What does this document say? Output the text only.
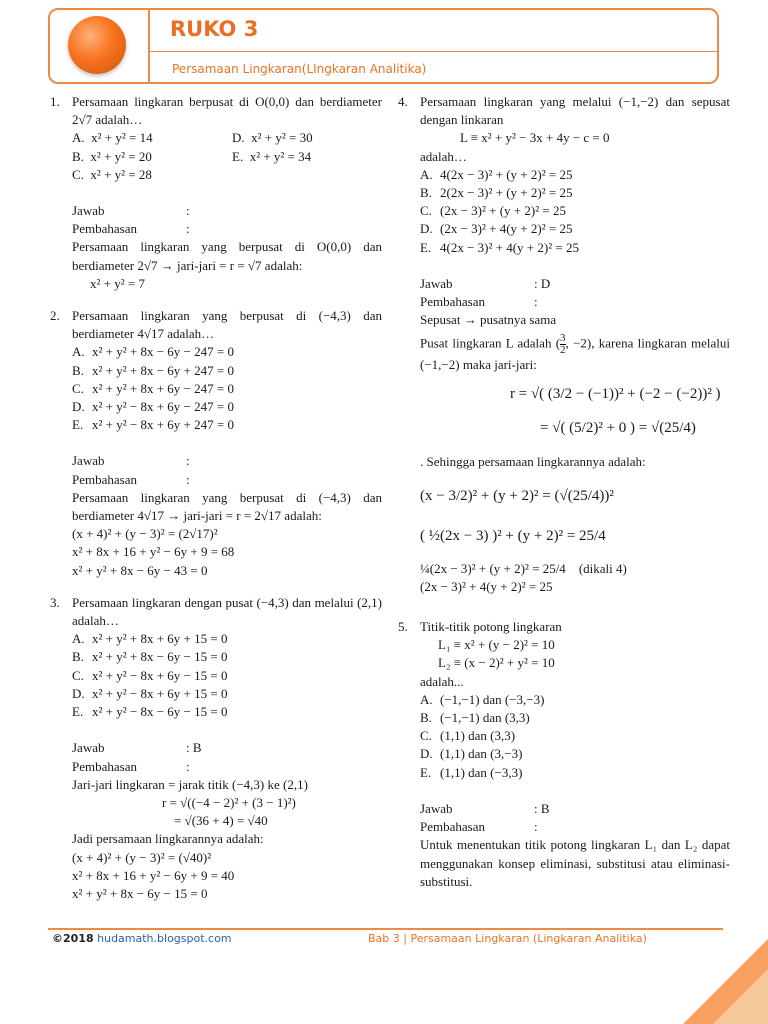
RUKO 3
Persamaan Lingkaran(LIngkaran Analitika)
1. Persamaan lingkaran berpusat di O(0,0) dan berdiameter 2√7 adalah…
A. x² + y² = 14	D. x² + y² = 30
B. x² + y² = 20	E. x² + y² = 34
C. x² + y² = 28
Jawab	:
Pembahasan	:
Persamaan lingkaran yang berpusat di O(0,0) dan berdiameter 2√7 → jari-jari = r = √7 adalah:
x² + y² = 7
2. Persamaan lingkaran yang berpusat di (−4,3) dan berdiameter 4√17 adalah…
A. x² + y² + 8x − 6y − 247 = 0
B. x² + y² + 8x − 6y + 247 = 0
C. x² + y² + 8x + 6y − 247 = 0
D. x² + y² − 8x + 6y − 247 = 0
E. x² + y² − 8x + 6y + 247 = 0
Jawab	:
Pembahasan	:
Persamaan lingkaran yang berpusat di (−4,3) dan berdiameter 4√17 → jari-jari = r = 2√17 adalah:
(x + 4)² + (y − 3)² = (2√17)²
x² + 8x + 16 + y² − 6y + 9 = 68
x² + y² + 8x − 6y − 43 = 0
3. Persamaan lingkaran dengan pusat (−4,3) dan melalui (2,1) adalah…
A. x² + y² + 8x + 6y + 15 = 0
B. x² + y² + 8x − 6y − 15 = 0
C. x² + y² − 8x + 6y − 15 = 0
D. x² + y² − 8x + 6y + 15 = 0
E. x² + y² − 8x − 6y − 15 = 0
Jawab	: B
Pembahasan	:
Jari-jari lingkaran = jarak titik (−4,3) ke (2,1)
r = √((−4 − 2)² + (3 − 1)²)
= √(36 + 4) = √40
Jadi persamaan lingkarannya adalah:
(x + 4)² + (y − 3)² = (√40)²
x² + 8x + 16 + y² − 6y + 9 = 40
x² + y² + 8x − 6y − 15 = 0
4. Persamaan lingkaran yang melalui (−1,−2) dan sepusat dengan linkaran
L ≡ x² + y² − 3x + 4y − c = 0
adalah…
A. 4(2x − 3)² + (y + 2)² = 25
B. 2(2x − 3)² + (y + 2)² = 25
C. (2x − 3)² + (y + 2)² = 25
D. (2x − 3)² + 4(y + 2)² = 25
E. 4(2x − 3)² + 4(y + 2)² = 25
Jawab	: D
Pembahasan	:
Sepusat → pusatnya sama
Pusat lingkaran L adalah ( $\frac{3}{2}$ , −2), karena lingkaran melalui (−1,−2) maka jari-jari:
r = √( (3/2 − (−1))² + (−2 − (−2))² )
= √( (5/2)² + 0 ) = √(25/4)
. Sehingga persamaan lingkarannya adalah:
(x − 3/2)² + (y + 2)² = (√(25/4))²
( ½(2x − 3) )² + (y + 2)² = 25/4
¼(2x − 3)² + (y + 2)² = 25/4 (dikali 4)
(2x − 3)² + 4(y + 2)² = 25
5. Titik-titik potong lingkaran
L₁ ≡ x² + (y − 2)² = 10
L₂ ≡ (x − 2)² + y² = 10
adalah...
A. (−1,−1) dan (−3,−3)
B. (−1,−1) dan (3,3)
C. (1,1) dan (3,3)
D. (1,1) dan (3,−3)
E. (1,1) dan (−3,3)
Jawab	: B
Pembahasan	:
Untuk menentukan titik potong lingkaran L₁ dan L₂ dapat menggunakan konsep eliminasi, substitusi atau eliminasi-substitusi.
©2018 hudamath.blogspot.com	Bab 3 | Persamaan Lingkaran (Lingkaran Analitika)
